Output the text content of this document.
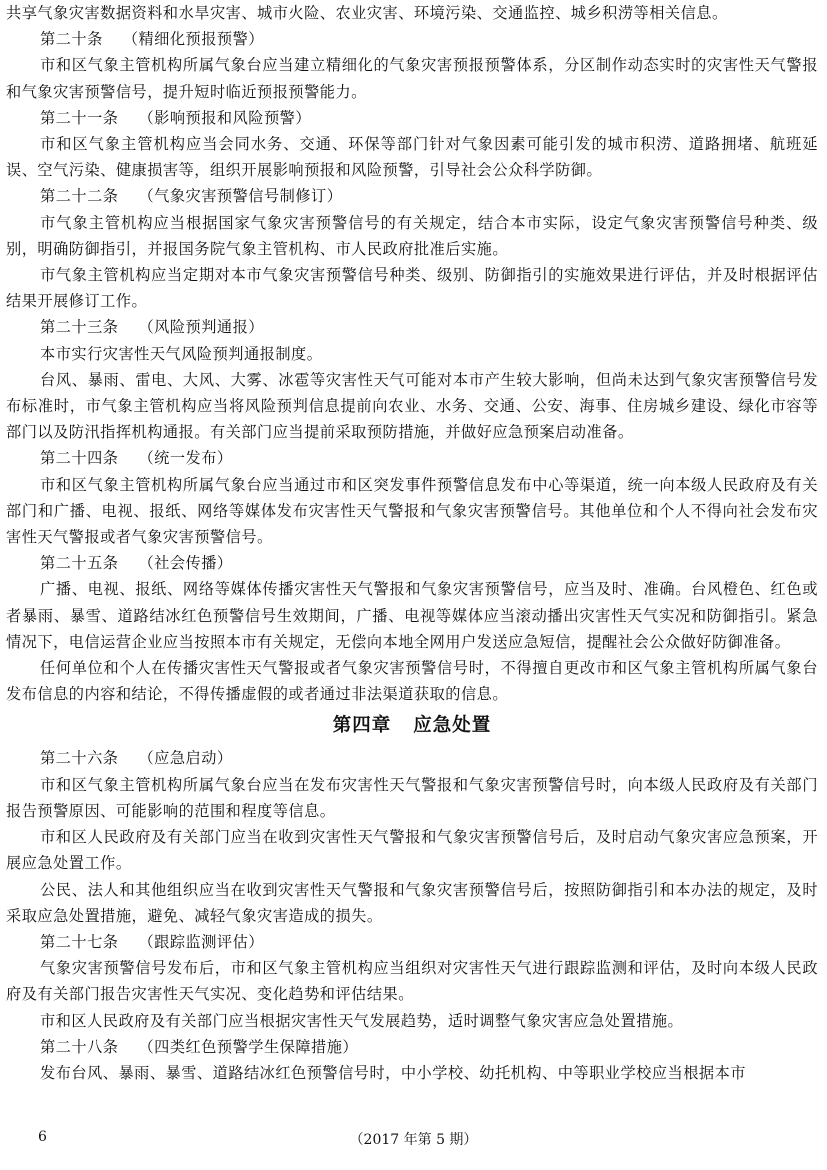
共享气象灾害数据资料和水旱灾害、城市火险、农业灾害、环境污染、交通监控、城乡积涝等相关信息。

第二十条 （精细化预报预警）

市和区气象主管机构所属气象台应当建立精细化的气象灾害预报预警体系，分区制作动态实时的灾害性天气警报和气象灾害预警信号，提升短时临近预报预警能力。

第二十一条 （影响预报和风险预警）

市和区气象主管机构应当会同水务、交通、环保等部门针对气象因素可能引发的城市积涝、道路拥堵、航班延误、空气污染、健康损害等，组织开展影响预报和风险预警，引导社会公众科学防御。

第二十二条 （气象灾害预警信号制修订）

市气象主管机构应当根据国家气象灾害预警信号的有关规定，结合本市实际，设定气象灾害预警信号种类、级别，明确防御指引，并报国务院气象主管机构、市人民政府批准后实施。

市气象主管机构应当定期对本市气象灾害预警信号种类、级别、防御指引的实施效果进行评估，并及时根据评估结果开展修订工作。

第二十三条 （风险预判通报）

本市实行灾害性天气风险预判通报制度。

台风、暴雨、雷电、大风、大雾、冰雹等灾害性天气可能对本市产生较大影响，但尚未达到气象灾害预警信号发布标准时，市气象主管机构应当将风险预判信息提前向农业、水务、交通、公安、海事、住房城乡建设、绿化市容等部门以及防汛指挥机构通报。有关部门应当提前采取预防措施，并做好应急预案启动准备。

第二十四条 （统一发布）

市和区气象主管机构所属气象台应当通过市和区突发事件预警信息发布中心等渠道，统一向本级人民政府及有关部门和广播、电视、报纸、网络等媒体发布灾害性天气警报和气象灾害预警信号。其他单位和个人不得向社会发布灾害性天气警报或者气象灾害预警信号。

第二十五条 （社会传播）

广播、电视、报纸、网络等媒体传播灾害性天气警报和气象灾害预警信号，应当及时、准确。台风橙色、红色或者暴雨、暴雪、道路结冰红色预警信号生效期间，广播、电视等媒体应当滚动播出灾害性天气实况和防御指引。紧急情况下，电信运营企业应当按照本市有关规定，无偿向本地全网用户发送应急短信，提醒社会公众做好防御准备。

任何单位和个人在传播灾害性天气警报或者气象灾害预警信号时，不得擅自更改市和区气象主管机构所属气象台发布信息的内容和结论，不得传播虚假的或者通过非法渠道获取的信息。

第四章 应急处置

第二十六条 （应急启动）

市和区气象主管机构所属气象台应当在发布灾害性天气警报和气象灾害预警信号时，向本级人民政府及有关部门报告预警原因、可能影响的范围和程度等信息。

市和区人民政府及有关部门应当在收到灾害性天气警报和气象灾害预警信号后，及时启动气象灾害应急预案，开展应急处置工作。

公民、法人和其他组织应当在收到灾害性天气警报和气象灾害预警信号后，按照防御指引和本办法的规定，及时采取应急处置措施，避免、减轻气象灾害造成的损失。

第二十七条 （跟踪监测评估）

气象灾害预警信号发布后，市和区气象主管机构应当组织对灾害性天气进行跟踪监测和评估，及时向本级人民政府及有关部门报告灾害性天气实况、变化趋势和评估结果。

市和区人民政府及有关部门应当根据灾害性天气发展趋势，适时调整气象灾害应急处置措施。

第二十八条 （四类红色预警学生保障措施）

发布台风、暴雨、暴雪、道路结冰红色预警信号时，中小学校、幼托机构、中等职业学校应当根据本市

6	（2017 年第 5 期）
